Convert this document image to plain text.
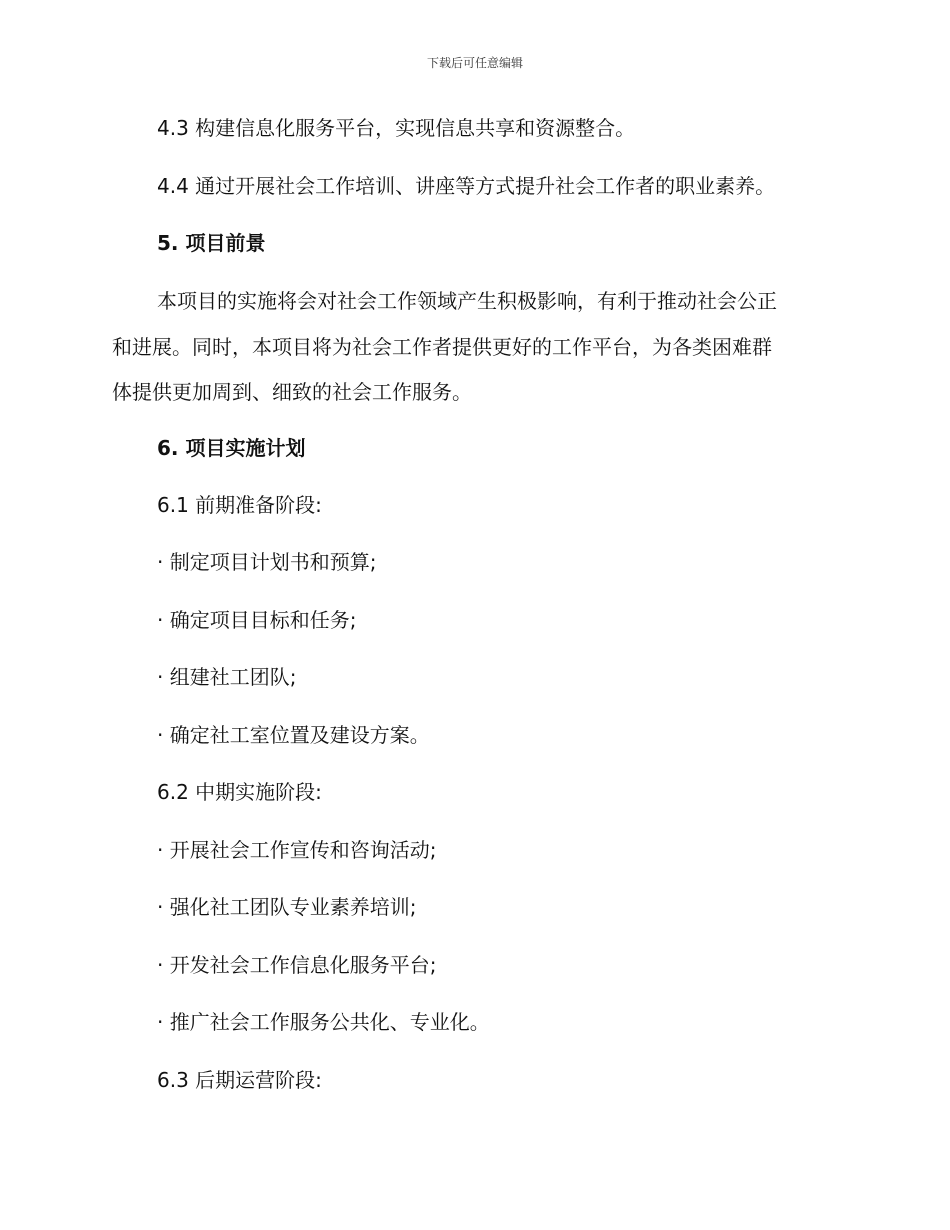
下载后可任意编辑
4.3 构建信息化服务平台，实现信息共享和资源整合。
4.4 通过开展社会工作培训、讲座等方式提升社会工作者的职业素养。
5. 项目前景
本项目的实施将会对社会工作领域产生积极影响，有利于推动社会公正
和进展。同时，本项目将为社会工作者提供更好的工作平台，为各类困难群
体提供更加周到、细致的社会工作服务。
6. 项目实施计划
6.1 前期准备阶段:
· 制定项目计划书和预算;
· 确定项目目标和任务;
· 组建社工团队;
· 确定社工室位置及建设方案。
6.2 中期实施阶段:
· 开展社会工作宣传和咨询活动;
· 强化社工团队专业素养培训;
· 开发社会工作信息化服务平台;
· 推广社会工作服务公共化、专业化。
6.3 后期运营阶段:
